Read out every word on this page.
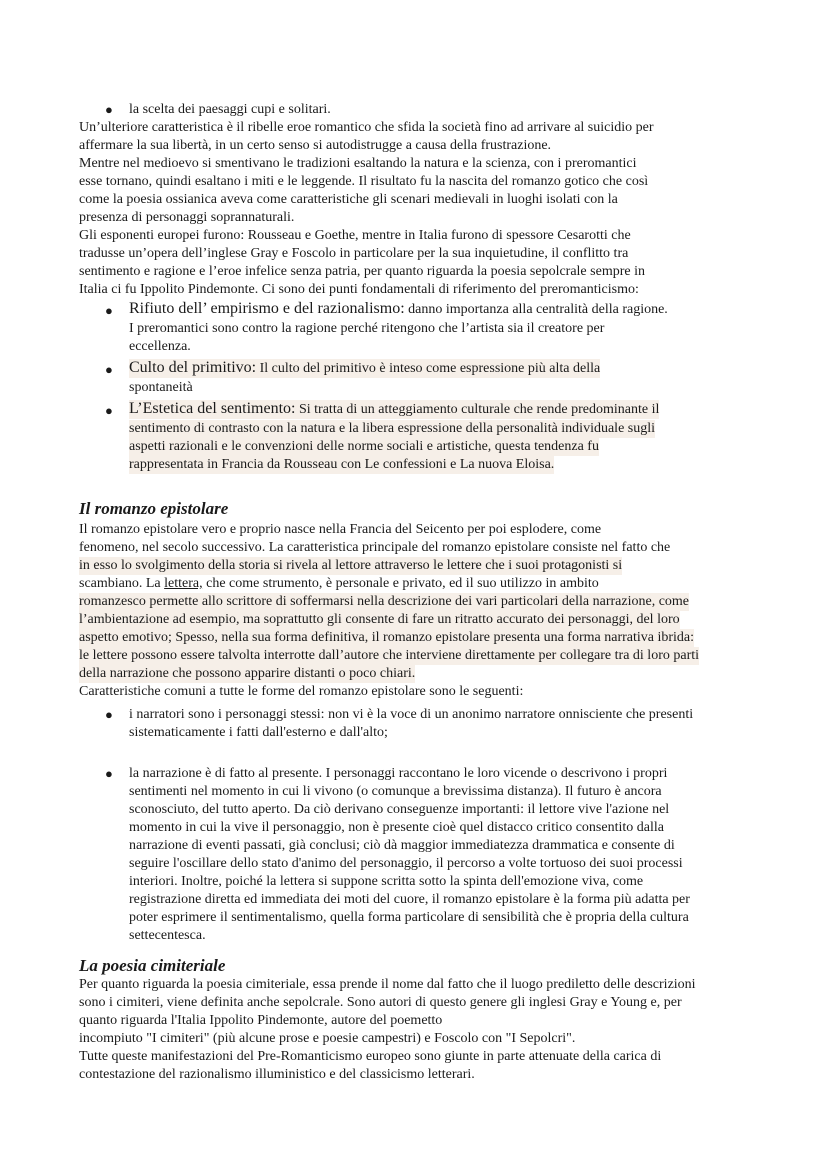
● la scelta dei paesaggi cupi e solitari.
Un’ulteriore caratteristica è il ribelle eroe romantico che sfida la società fino ad arrivare al suicidio per
affermare la sua libertà, in un certo senso si autodistrugge a causa della frustrazione.
Mentre nel medioevo si smentivano le tradizioni esaltando la natura e la scienza, con i preromantici
esse tornano, quindi esaltano i miti e le leggende. Il risultato fu la nascita del romanzo gotico che così
come la poesia ossianica aveva come caratteristiche gli scenari medievali in luoghi isolati con la
presenza di personaggi soprannaturali.
Gli esponenti europei furono: Rousseau e Goethe, mentre in Italia furono di spessore Cesarotti che
tradusse un’opera dell’inglese Gray e Foscolo in particolare per la sua inquietudine, il conflitto tra
sentimento e ragione e l’eroe infelice senza patria, per quanto riguarda la poesia sepolcrale sempre in
Italia ci fu Ippolito Pindemonte. Ci sono dei punti fondamentali di riferimento del preromanticismo:
● Rifiuto dell’ empirismo e del razionalismo: danno importanza alla centralità della ragione.
I preromantici sono contro la ragione perché ritengono che l’artista sia il creatore per
eccellenza.
● Culto del primitivo: Il culto del primitivo è inteso come espressione più alta della
spontaneità
● L’Estetica del sentimento: Si tratta di un atteggiamento culturale che rende predominante il
sentimento di contrasto con la natura e la libera espressione della personalità individuale sugli
aspetti razionali e le convenzioni delle norme sociali e artistiche, questa tendenza fu
rappresentata in Francia da Rousseau con Le confessioni e La nuova Eloisa.
Il romanzo epistolare
Il romanzo epistolare vero e proprio nasce nella Francia del Seicento per poi esplodere, come
fenomeno, nel secolo successivo. La caratteristica principale del romanzo epistolare consiste nel fatto che
in esso lo svolgimento della storia si rivela al lettore attraverso le lettere che i suoi protagonisti si
scambiano. La lettera, che come strumento, è personale e privato, ed il suo utilizzo in ambito
romanzesco permette allo scrittore di soffermarsi nella descrizione dei vari particolari della narrazione, come
l’ambientazione ad esempio, ma soprattutto gli consente di fare un ritratto accurato dei personaggi, del loro
aspetto emotivo; Spesso, nella sua forma definitiva, il romanzo epistolare presenta una forma narrativa ibrida:
le lettere possono essere talvolta interrotte dall’autore che interviene direttamente per collegare tra di loro parti
della narrazione che possono apparire distanti o poco chiari.
Caratteristiche comuni a tutte le forme del romanzo epistolare sono le seguenti:
● i narratori sono i personaggi stessi: non vi è la voce di un anonimo narratore onnisciente che presenti
sistematicamente i fatti dall'esterno e dall'alto;
● la narrazione è di fatto al presente. I personaggi raccontano le loro vicende o descrivono i propri
sentimenti nel momento in cui li vivono (o comunque a brevissima distanza). Il futuro è ancora
sconosciuto, del tutto aperto. Da ciò derivano conseguenze importanti: il lettore vive l'azione nel
momento in cui la vive il personaggio, non è presente cioè quel distacco critico consentito dalla
narrazione di eventi passati, già conclusi; ciò dà maggior immediatezza drammatica e consente di
seguire l'oscillare dello stato d'animo del personaggio, il percorso a volte tortuoso dei suoi processi
interiori. Inoltre, poiché la lettera si suppone scritta sotto la spinta dell'emozione viva, come
registrazione diretta ed immediata dei moti del cuore, il romanzo epistolare è la forma più adatta per
poter esprimere il sentimentalismo, quella forma particolare di sensibilità che è propria della cultura
settecentesca.
La poesia cimiteriale
Per quanto riguarda la poesia cimiteriale, essa prende il nome dal fatto che il luogo prediletto delle descrizioni
sono i cimiteri, viene definita anche sepolcrale. Sono autori di questo genere gli inglesi Gray e Young e, per
quanto riguarda l'Italia Ippolito Pindemonte, autore del poemetto
incompiuto "I cimiteri" (più alcune prose e poesie campestri) e Foscolo con "I Sepolcri".
Tutte queste manifestazioni del Pre-Romanticismo europeo sono giunte in parte attenuate della carica di
contestazione del razionalismo illuministico e del classicismo letterari.
